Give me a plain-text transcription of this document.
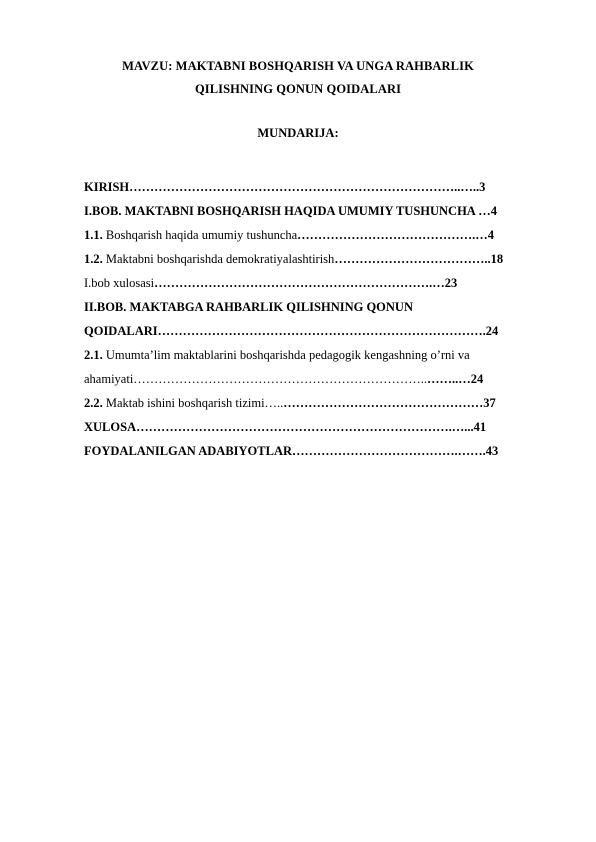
MAVZU: MAKTABNI BOSHQARISH VA UNGA RAHBARLIK
QILISHNING QONUN QOIDALARI
MUNDARIJA:
KIRISH……………………………………………………………………..…..3
I.BOB. MAKTABNI BOSHQARISH HAQIDA UMUMIY TUSHUNCHA …4
1.1. Boshqarish haqida umumiy tushuncha…………………………………….…4
1.2. Maktabni boshqarishda demokratiyalashtirish………………………………..18
I.bob xulosasi………………………………………………………….…23
II.BOB. MAKTABGA RAHBARLIK QILISHNING QONUN
QOIDALARI…………………………………………………………………….24
2.1. Umumta’lim maktablarini boshqarishda pedagogik kengashning o’rni va
ahamiyati……………………………………………………………..……..…24
2.2. Maktab ishini boshqarish tizimi…..…………………………………………37
XULOSA………………………………………………………………….…...41
FOYDALANILGAN ADABIYOTLAR………………………………….…….43
